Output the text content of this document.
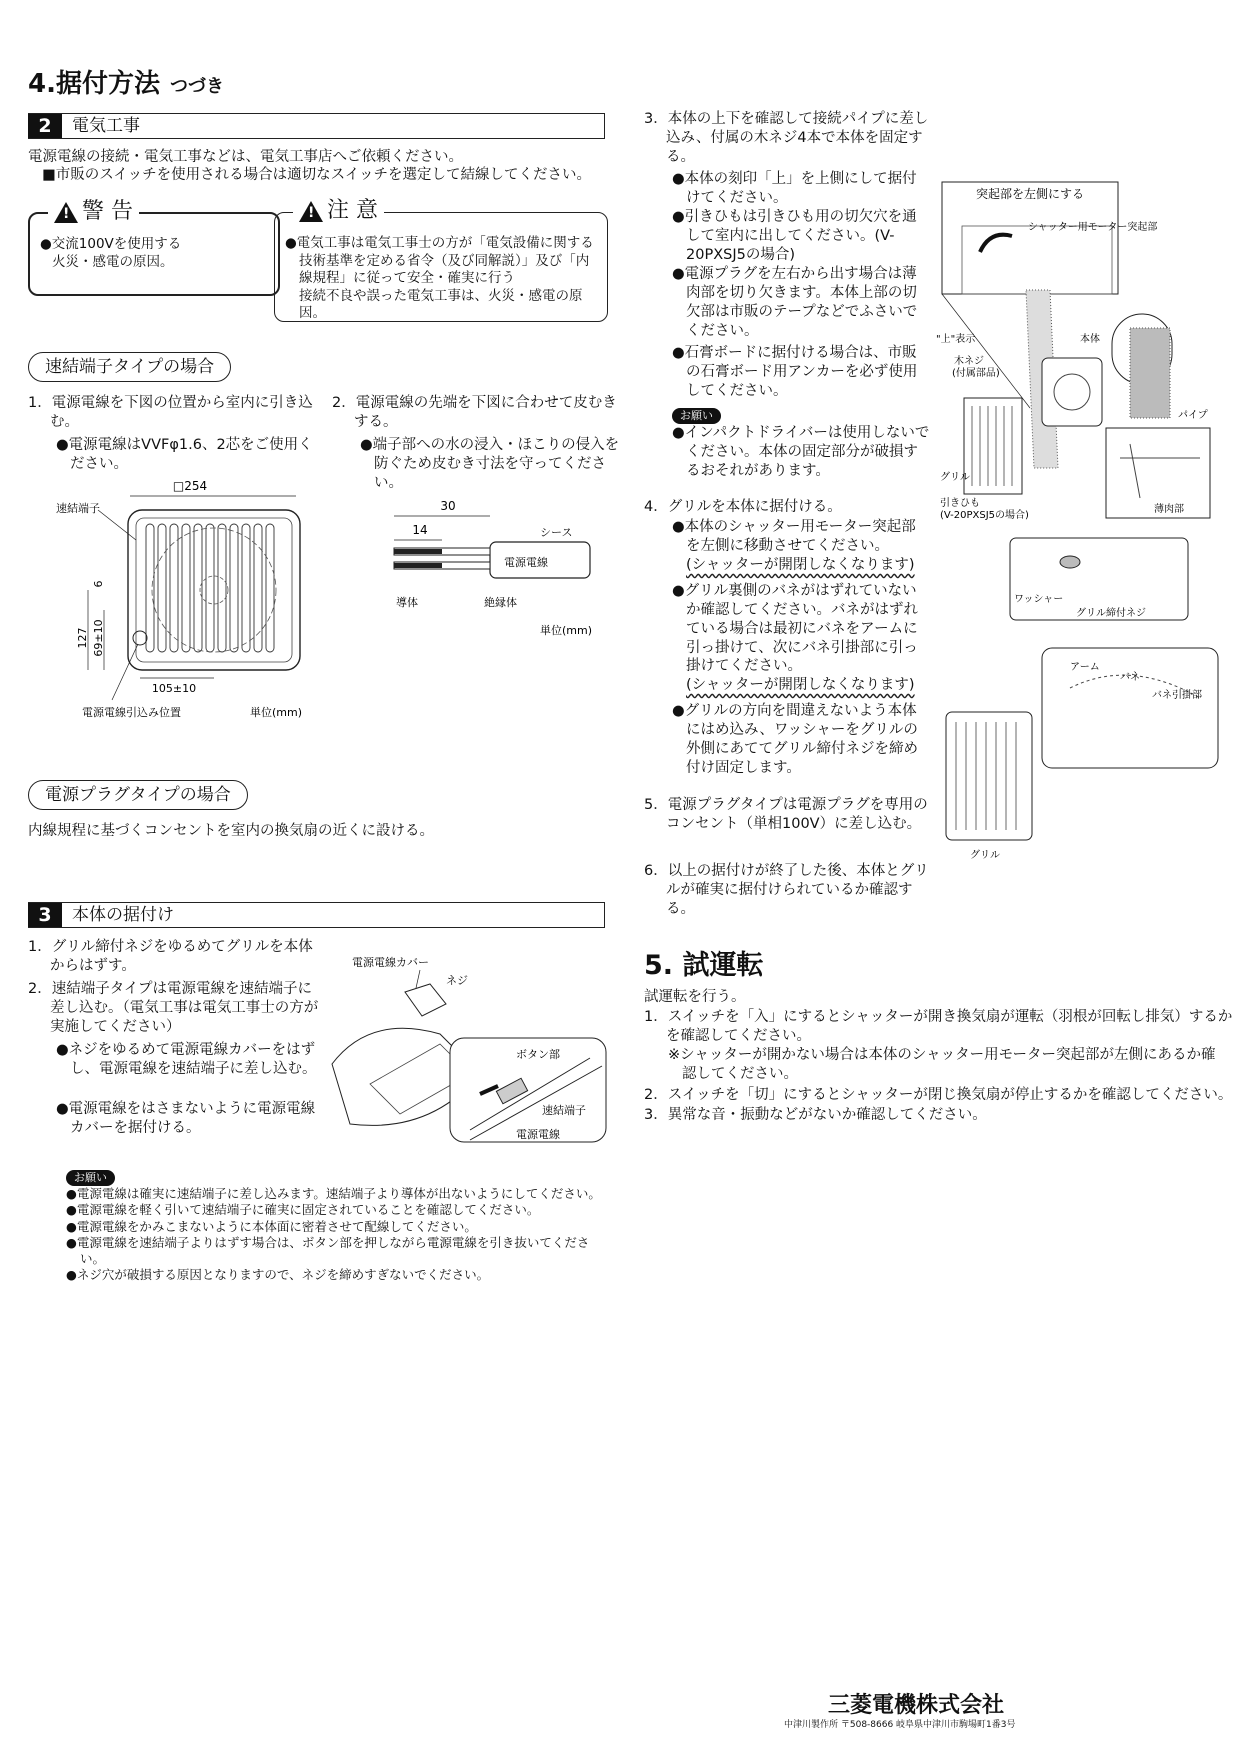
4.据付方法 つづき
2	電気工事
電源電線の接続・電気工事などは、電気工事店へご依頼ください。
■市販のスイッチを使用される場合は適切なスイッチを選定して結線してください。
!
警 告
●交流100Vを使用する
火災・感電の原因。
!
注 意
●電気工事は電気工事士の方が「電気設備に関する技術基準を定める省令（及び同解説）」及び「内線規程」に従って安全・確実に行う
接続不良や誤った電気工事は、火災・感電の原因。
速結端子タイプの場合
1．電源電線を下図の位置から室内に引き込む。
●電源電線はVVFφ1.6、2芯をご使用ください。
2．電源電線の先端を下図に合わせて皮むきする。
●端子部への水の浸入・ほこりの侵入を防ぐため皮むき寸法を守ってください。
□254
速結端子
127 69±10
6
105±10
電源電線引込み位置	単位(mm)
30
14	シース
電源電線
導体	絶縁体
単位(mm)
電源プラグタイプの場合
内線規程に基づくコンセントを室内の換気扇の近くに設ける。
3	本体の据付け
1．グリル締付ネジをゆるめてグリルを本体からはずす。
2．速結端子タイプは電源電線を速結端子に差し込む。（電気工事は電気工事士の方が実施してください）
●ネジをゆるめて電源電線カバーをはずし、電源電線を速結端子に差し込む。
●電源電線をはさまないように電源電線カバーを据付ける。
電源電線カバー
ネジ
ボタン部
速結端子
電源電線
お願い
●電源電線は確実に速結端子に差し込みます。速結端子より導体が出ないようにしてください。
●電源電線を軽く引いて速結端子に確実に固定されていることを確認してください。
●電源電線をかみこまないように本体面に密着させて配線してください。
●電源電線を速結端子よりはずす場合は、ボタン部を押しながら電源電線を引き抜いてください。
●ネジ穴が破損する原因となりますので、ネジを締めすぎないでください。
3．本体の上下を確認して接続パイプに差し込み、付属の木ネジ4本で本体を固定する。
●本体の刻印「上」を上側にして据付けてください。
●引きひもは引きひも用の切欠穴を通して室内に出してください。(V-20PXSJ5の場合)
●電源プラグを左右から出す場合は薄肉部を切り欠きます。本体上部の切欠部は市販のテープなどでふさいでください。
●石膏ボードに据付ける場合は、市販の石膏ボード用アンカーを必ず使用してください。
お願い
●インパクトドライバーは使用しないでください。本体の固定部分が破損するおそれがあります。
4．グリルを本体に据付ける。
●本体のシャッター用モーター突起部を左側に移動させてください。
(シャッターが開閉しなくなります)
●グリル裏側のバネがはずれていないか確認してください。バネがはずれている場合は最初にバネをアームに引っ掛けて、次にバネ引掛部に引っ掛けてください。
(シャッターが開閉しなくなります)
●グリルの方向を間違えないよう本体にはめ込み、ワッシャーをグリルの外側にあててグリル締付ネジを締め付け固定します。
5．電源プラグタイプは電源プラグを専用のコンセント（単相100V）に差し込む。
6．以上の据付けが終了した後、本体とグリルが確実に据付けられているか確認する。
突起部を左側にする
シャッター用モーター突起部
"上"表示	本体
木ネジ
(付属部品)
パイプ
グリル
引きひも
(V-20PXSJ5の場合)
薄肉部
ワッシャー
グリル締付ネジ
アーム
バネ
バネ引掛部
グリル
5. 試運転
試運転を行う。
1．スイッチを「入」にするとシャッターが開き換気扇が運転（羽根が回転し排気）するかを確認してください。
※シャッターが開かない場合は本体のシャッター用モーター突起部が左側にあるか確認してください。
2．スイッチを「切」にするとシャッターが閉じ換気扇が停止するかを確認してください。
3．異常な音・振動などがないか確認してください。
三菱電機株式会社
中津川製作所 〒508-8666 岐阜県中津川市駒場町1番3号
